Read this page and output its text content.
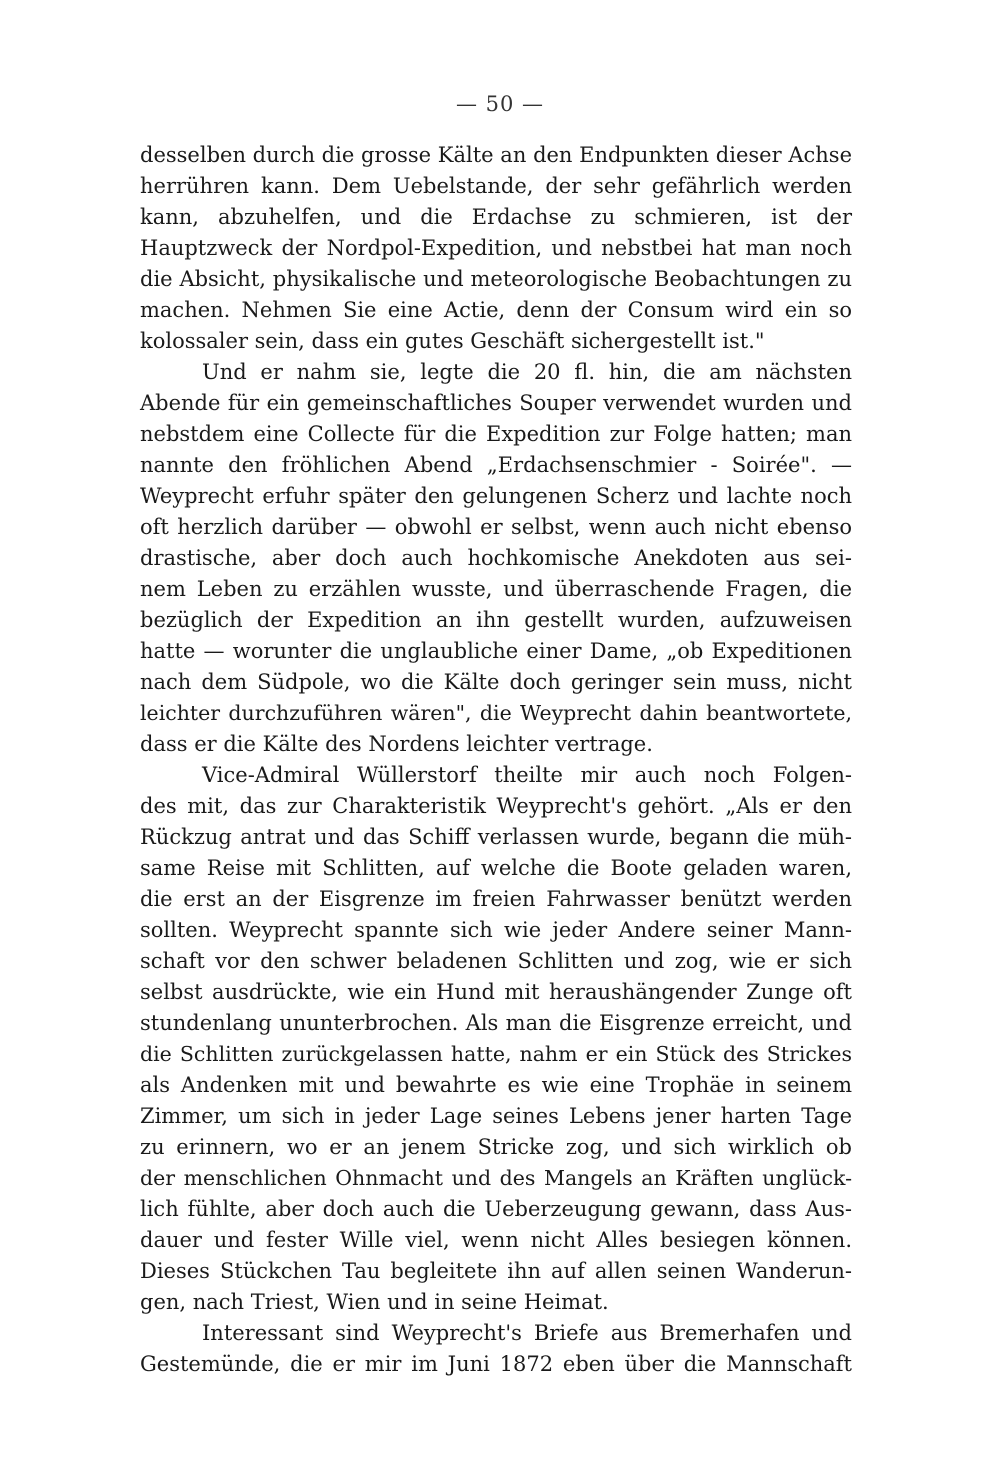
— 50 —
desselben durch die grosse Kälte an den Endpunkten dieser Achse
herrühren kann. Dem Uebelstande, der sehr gefährlich werden
kann, abzuhelfen, und die Erdachse zu schmieren, ist der
Hauptzweck der Nordpol-Expedition, und nebstbei hat man noch
die Absicht, physikalische und meteorologische Beobachtungen zu
machen. Nehmen Sie eine Actie, denn der Consum wird ein so
kolossaler sein, dass ein gutes Geschäft sichergestellt ist."
Und er nahm sie, legte die 20 fl. hin, die am nächsten
Abende für ein gemeinschaftliches Souper verwendet wurden und
nebstdem eine Collecte für die Expedition zur Folge hatten; man
nannte den fröhlichen Abend „Erdachsenschmier - Soirée". —
Weyprecht erfuhr später den gelungenen Scherz und lachte noch
oft herzlich darüber — obwohl er selbst, wenn auch nicht ebenso
drastische, aber doch auch hochkomische Anekdoten aus sei-
nem Leben zu erzählen wusste, und überraschende Fragen, die
bezüglich der Expedition an ihn gestellt wurden, aufzuweisen
hatte — worunter die unglaubliche einer Dame, „ob Expeditionen
nach dem Südpole, wo die Kälte doch geringer sein muss, nicht
leichter durchzuführen wären", die Weyprecht dahin beantwortete,
dass er die Kälte des Nordens leichter vertrage.
Vice-Admiral Wüllerstorf theilte mir auch noch Folgen-
des mit, das zur Charakteristik Weyprecht's gehört. „Als er den
Rückzug antrat und das Schiff verlassen wurde, begann die müh-
same Reise mit Schlitten, auf welche die Boote geladen waren,
die erst an der Eisgrenze im freien Fahrwasser benützt werden
sollten. Weyprecht spannte sich wie jeder Andere seiner Mann-
schaft vor den schwer beladenen Schlitten und zog, wie er sich
selbst ausdrückte, wie ein Hund mit heraushängender Zunge oft
stundenlang ununterbrochen. Als man die Eisgrenze erreicht, und
die Schlitten zurückgelassen hatte, nahm er ein Stück des Strickes
als Andenken mit und bewahrte es wie eine Trophäe in seinem
Zimmer, um sich in jeder Lage seines Lebens jener harten Tage
zu erinnern, wo er an jenem Stricke zog, und sich wirklich ob
der menschlichen Ohnmacht und des Mangels an Kräften unglück-
lich fühlte, aber doch auch die Ueberzeugung gewann, dass Aus-
dauer und fester Wille viel, wenn nicht Alles besiegen können.
Dieses Stückchen Tau begleitete ihn auf allen seinen Wanderun-
gen, nach Triest, Wien und in seine Heimat.
Interessant sind Weyprecht's Briefe aus Bremerhafen und
Gestemünde, die er mir im Juni 1872 eben über die Mannschaft
